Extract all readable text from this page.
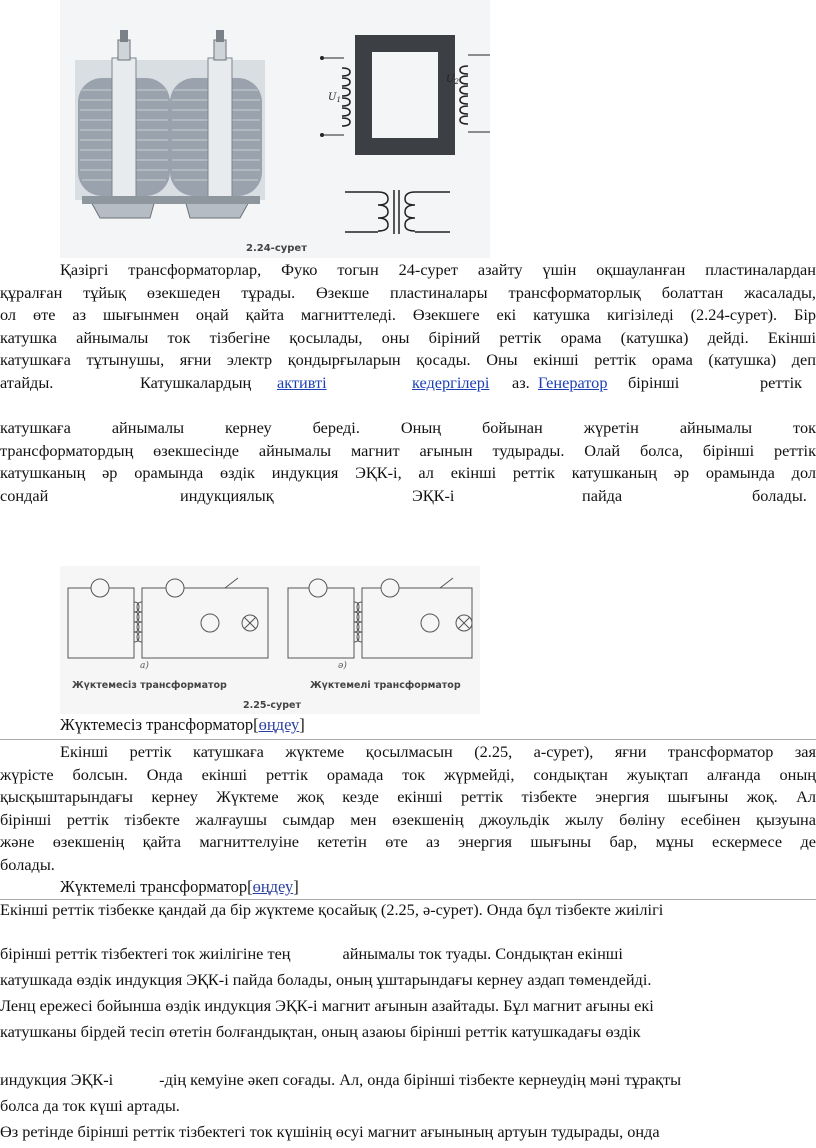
$U_1$
$U_2$
2.24-сурет
Қазіргі трансформаторлар, Фуко тогын 24-сурет азайту үшін оқшауланған пластиналардан
құралған тұйық өзекшеден тұрады. Өзекше пластиналары трансформаторлық болаттан жасалады,
ол өте аз шығынмен оңай қайта магниттеледі. Өзекшеге екі катушка кигізіледі (2.24-сурет). Бір
катушка айнымалы ток тізбегіне қосылады, оны біріний реттік орама (катушка) дейді. Екінші
катушкаға тұтынушы, яғни электр қондырғыларын қосады. Оны екінші реттік орама (катушка) деп
атайды.	Катушкалардың активті	кедергілері аз. Генератор бірінші	реттік
катушкаға айнымалы кернеу береді. Оның бойынан жүретін айнымалы ток
трансформатордың өзекшесінде айнымалы магнит ағынын тудырады. Олай болса, бірінші реттік
катушканың әр орамында өздік индукция ЭҚК-і, ал екінші реттік катушканың әр орамында дол
сондай	индукциялық	ЭҚК-і	пайда	болады.
а)	ә)
Жүктемесіз трансформатор	Жүктемелі трансформатор
2.25-сурет
Жүктемесіз трансформатор[өңдеу]
Екінші реттік катушкаға жүктеме қосылмасын (2.25, а-сурет), яғни трансформатор зая
жүрісте болсын. Онда екінші реттік орамада ток жүрмейді, сондықтан жуықтап алғанда оның
қысқыштарындағы кернеу Жүктеме жоқ кезде екінші реттік тізбекте энергия шығыны жоқ. Ал
бірінші реттік тізбекте жалғаушы сымдар мен өзекшенің джоульдік жылу бөліну есебінен қызуына
және өзекшенің қайта магниттелуіне кететін өте аз энергия шығыны бар, мұны ескермесе де
болады.
Жүктемелі трансформатор[өңдеу]
Екінші реттік тізбекке қандай да бір жүктеме қосайық (2.25, ә-сурет). Онда бұл тізбекте жиілігі
бірінші реттік тізбектегі ток жиілігіне тең	айнымалы ток туады. Сондықтан екінші
катушкада өздік индукция ЭҚК-і пайда болады, оның ұштарындағы кернеу аздап төмендейді.
Ленц ережесі бойынша өздік индукция ЭҚК-і магнит ағынын азайтады. Бұл магнит ағыны екі
катушканы бірдей тесіп өтетін болғандықтан, оның азаюы бірінші реттік катушкадағы өздік
индукция ЭҚК-і	-дің кемуіне әкеп соғады. Ал, онда бірінші тізбекте кернеудің мәні тұрақты
болса да ток күші артады.
Өз ретінде бірінші реттік тізбектегі ток күшінің өсуі магнит ағынының артуын тудырады, онда
